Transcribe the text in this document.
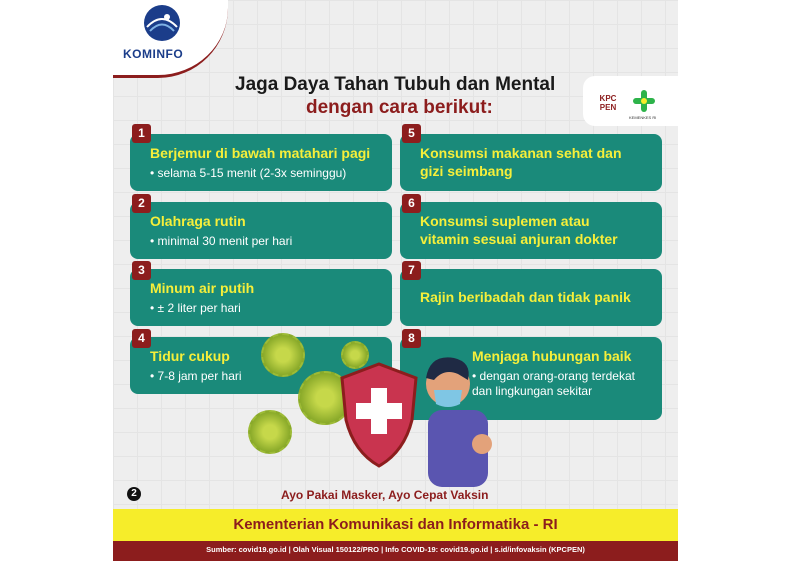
KOMINFO
Jaga Daya Tahan Tubuh dan Mental
dengan cara berikut:	KPC PEN
KEMENKES RI
Berjemur di bawah matahari pagi
• selama 5-15 menit (2-3x seminggu)
1
Olahraga rutin
• minimal 30 menit per hari
2
Minum air putih
• ± 2 liter per hari
3
Tidur cukup
• 7-8 jam per hari
4
Konsumsi makanan sehat dan gizi seimbang
5
Konsumsi suplemen atau vitamin sesuai anjuran dokter
6
Rajin beribadah dan tidak panik
7
Menjaga hubungan baik
• dengan orang-orang terdekat dan lingkungan sekitar
8
2	Ayo Pakai Masker, Ayo Cepat Vaksin
Kementerian Komunikasi dan Informatika - RI
Sumber: covid19.go.id | Olah Visual 150122/PRO | Info COVID-19: covid19.go.id | s.id/infovaksin (KPCPEN)
